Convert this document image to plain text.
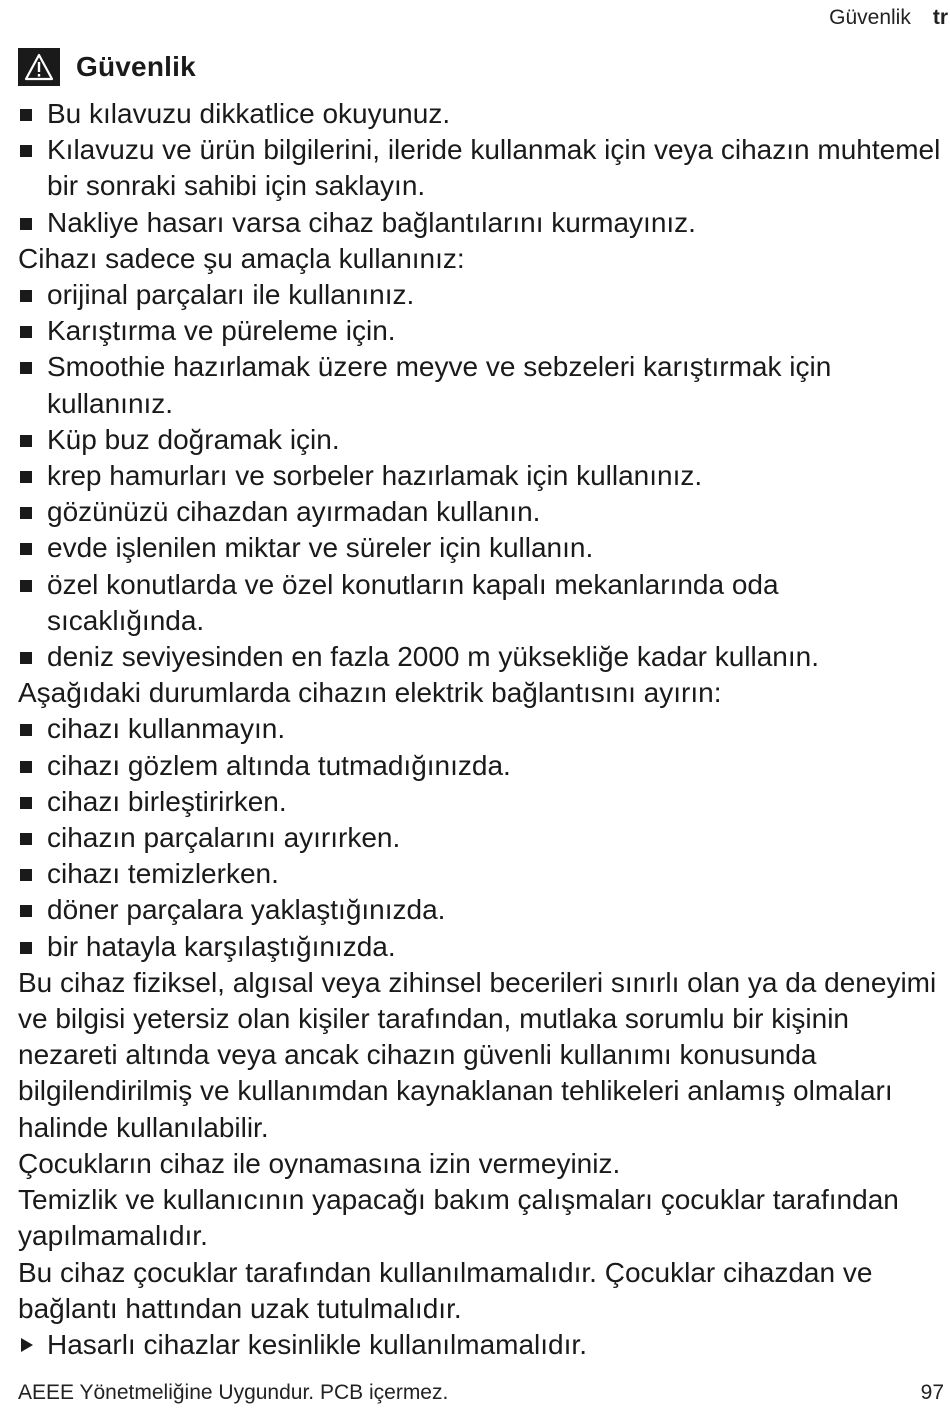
Güvenlik tr
Güvenlik
Bu kılavuzu dikkatlice okuyunuz.
Kılavuzu ve ürün bilgilerini, ileride kullanmak için veya cihazın muhtemel bir sonraki sahibi için saklayın.
Nakliye hasarı varsa cihaz bağlantılarını kurmayınız.
Cihazı sadece şu amaçla kullanınız:
orijinal parçaları ile kullanınız.
Karıştırma ve püreleme için.
Smoothie hazırlamak üzere meyve ve sebzeleri karıştırmak için kullanınız.
Küp buz doğramak için.
krep hamurları ve sorbeler hazırlamak için kullanınız.
gözünüzü cihazdan ayırmadan kullanın.
evde işlenilen miktar ve süreler için kullanın.
özel konutlarda ve özel konutların kapalı mekanlarında oda sıcaklığında.
deniz seviyesinden en fazla 2000 m yüksekliğe kadar kullanın.
Aşağıdaki durumlarda cihazın elektrik bağlantısını ayırın:
cihazı kullanmayın.
cihazı gözlem altında tutmadığınızda.
cihazı birleştirirken.
cihazın parçalarını ayırırken.
cihazı temizlerken.
döner parçalara yaklaştığınızda.
bir hatayla karşılaştığınızda.
Bu cihaz fiziksel, algısal veya zihinsel becerileri sınırlı olan ya da deneyimi ve bilgisi yetersiz olan kişiler tarafından, mutlaka sorumlu bir kişinin nezareti altında veya ancak cihazın güvenli kullanımı konusunda bilgilendirilmiş ve kullanımdan kaynaklanan tehlikeleri anlamış olmaları halinde kullanılabilir.
Çocukların cihaz ile oynamasına izin vermeyiniz.
Temizlik ve kullanıcının yapacağı bakım çalışmaları çocuklar tarafından yapılmamalıdır.
Bu cihaz çocuklar tarafından kullanılmamalıdır. Çocuklar cihazdan ve bağlantı hattından uzak tutulmalıdır.
Hasarlı cihazlar kesinlikle kullanılmamalıdır.
AEEE Yönetmeliğine Uygundur. PCB içermez.	97
